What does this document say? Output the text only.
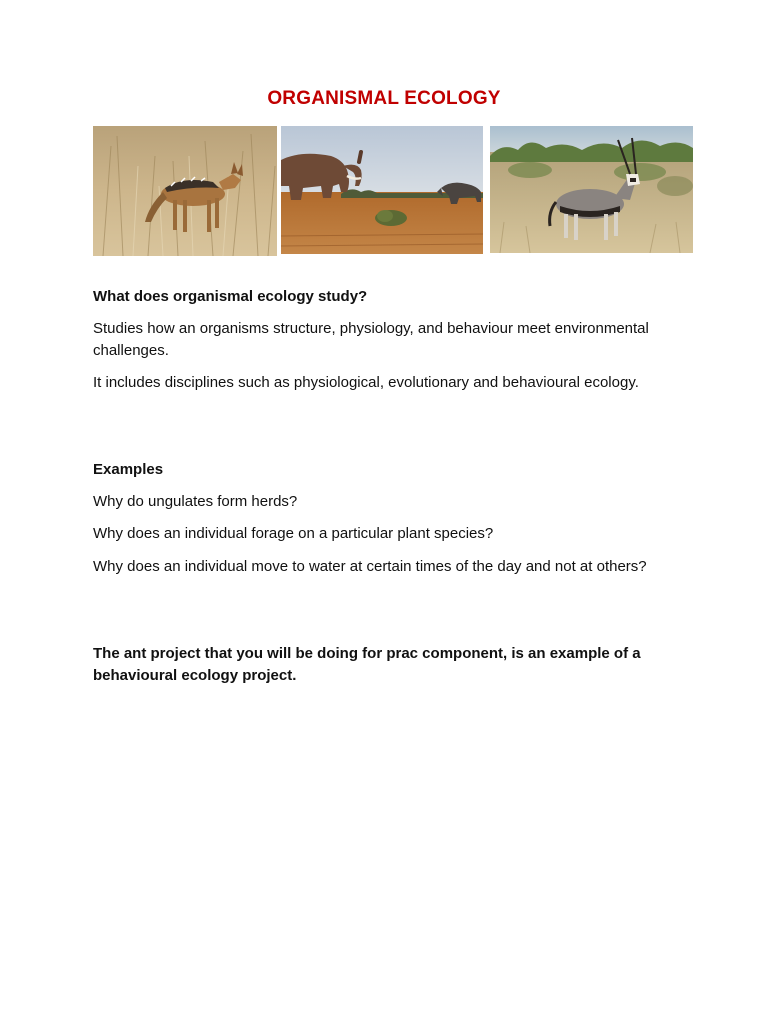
ORGANISMAL ECOLOGY
What does organismal ecology study?
Studies how an organisms structure, physiology, and behaviour meet environmental challenges.
It includes disciplines such as physiological, evolutionary and behavioural ecology.
Examples
Why do ungulates form herds?
Why does an individual forage on a particular plant species?
Why does an individual move to water at certain times of the day and not at others?
The ant project that you will be doing for prac component, is an example of a behavioural ecology project.
